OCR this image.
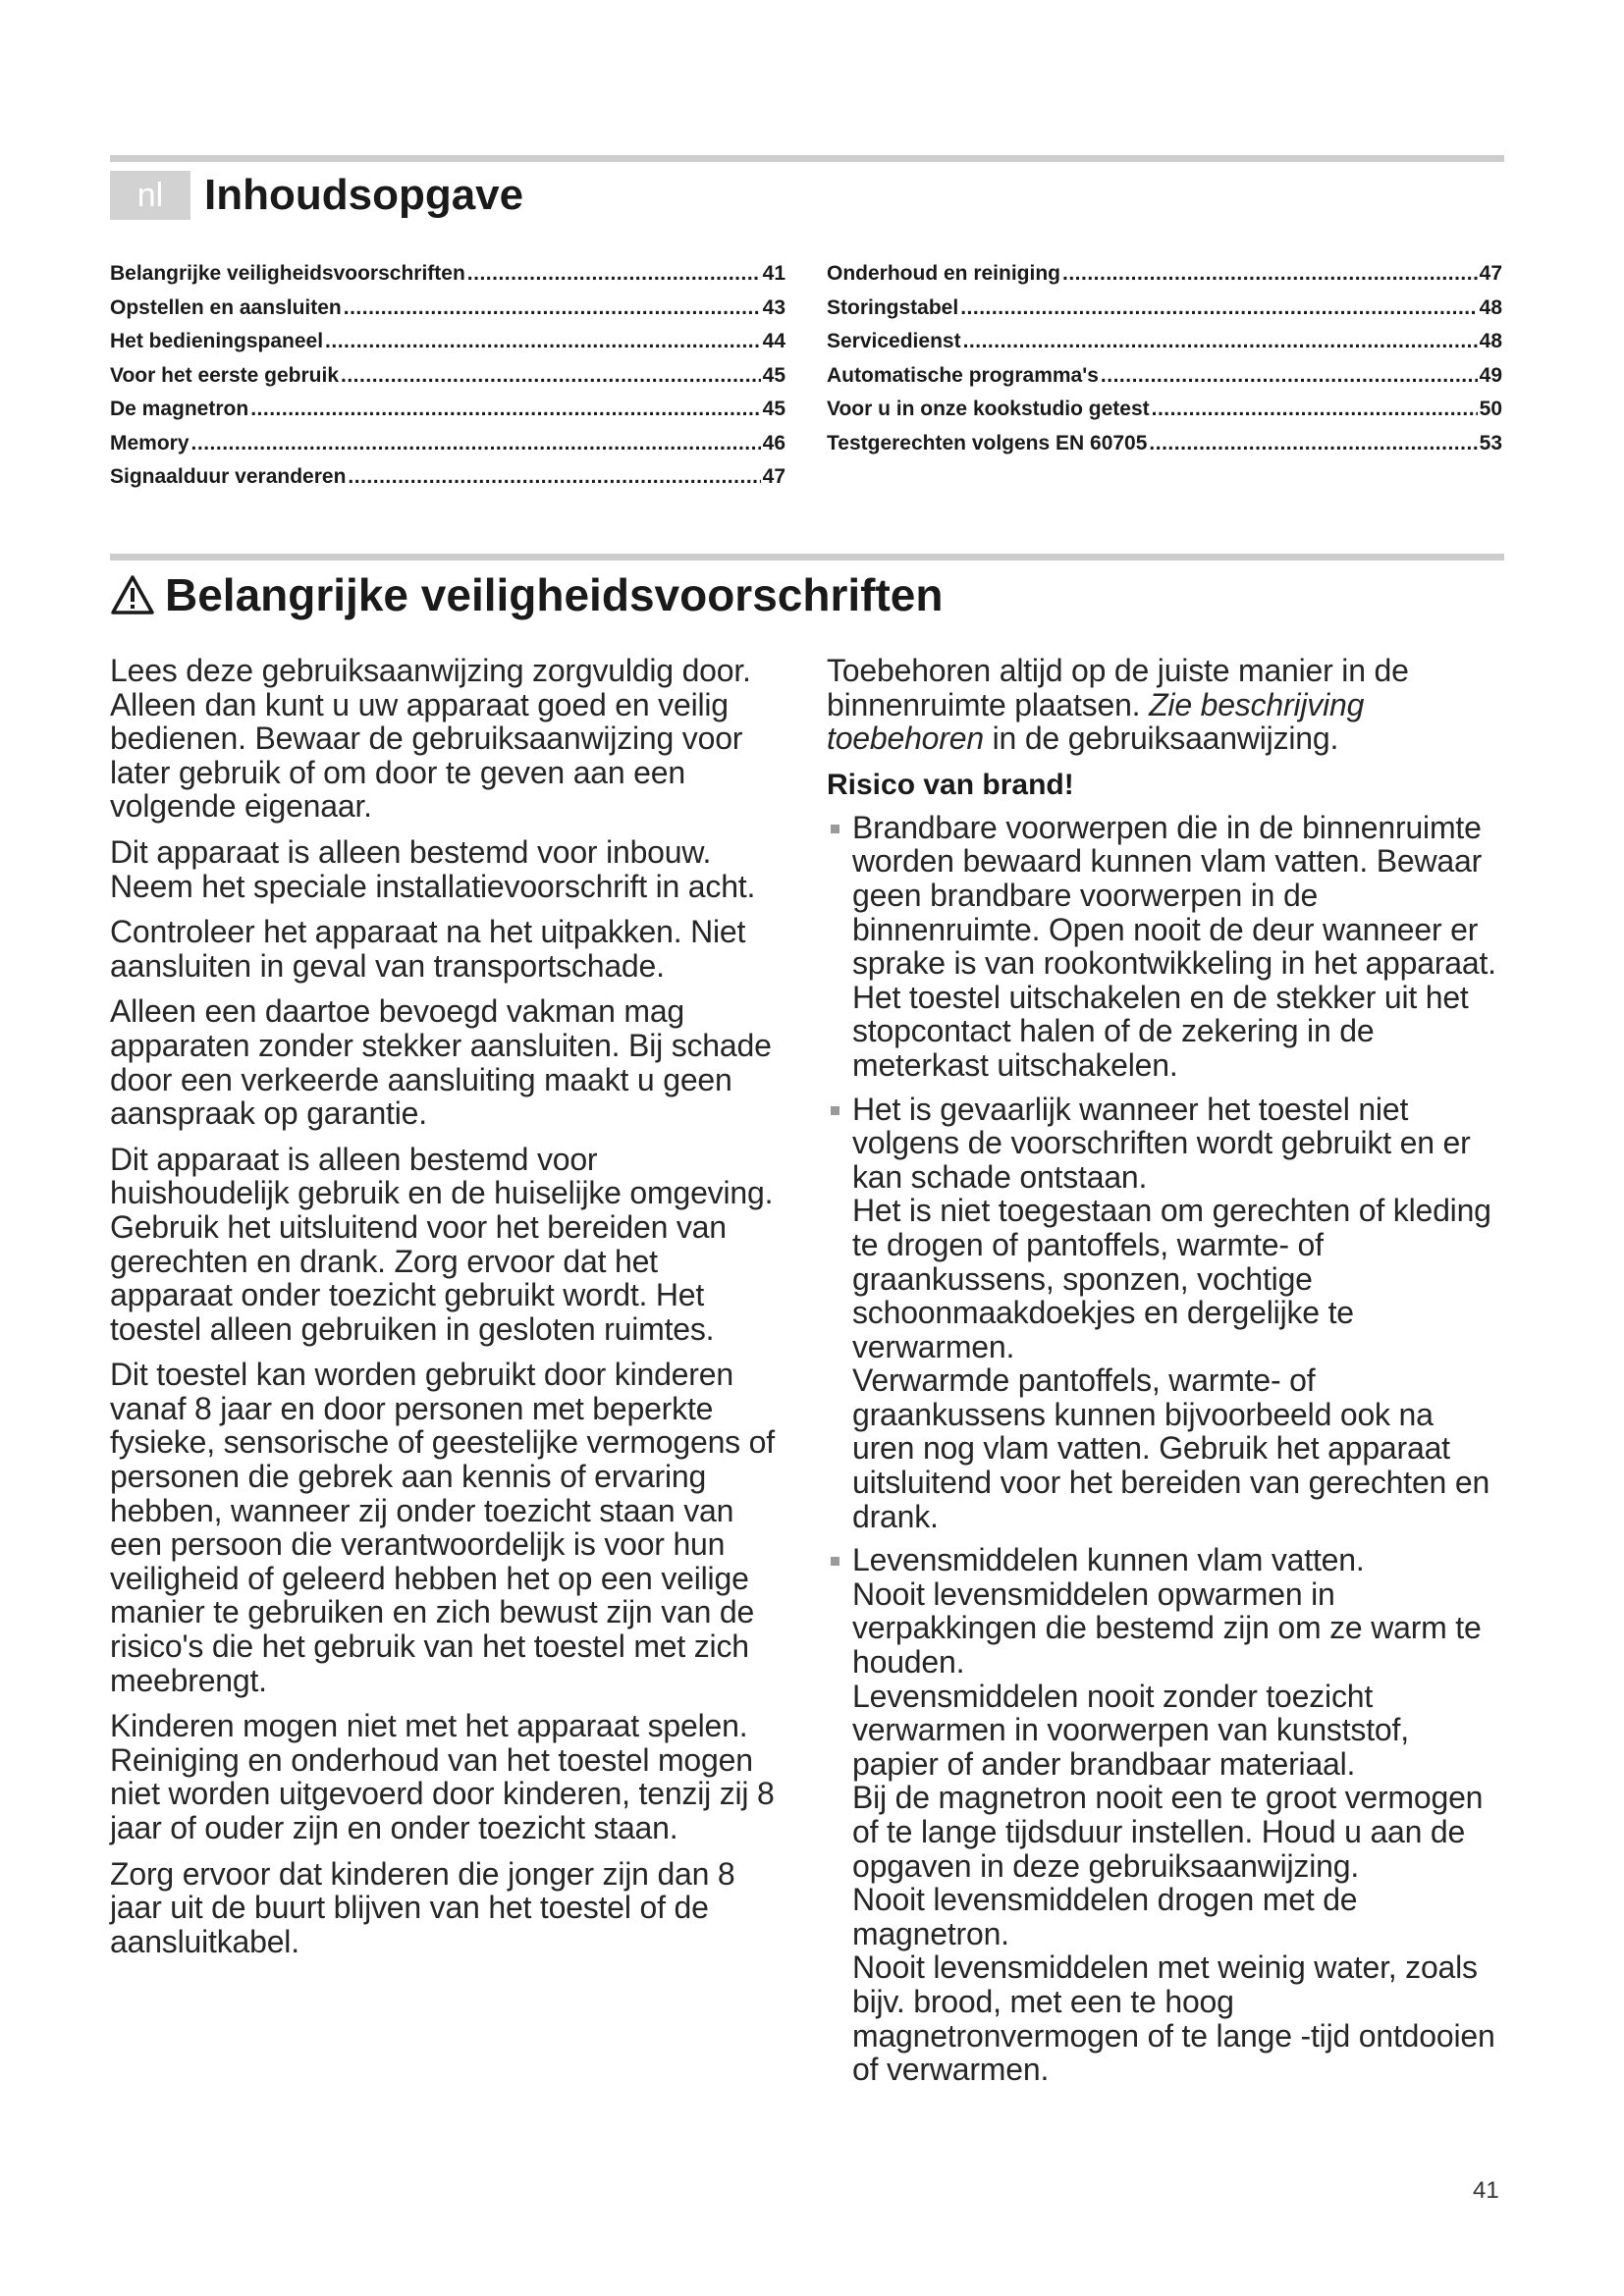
nl Inhoudsopgave
Belangrijke veiligheidsvoorschriften .....	41
Opstellen en aansluiten .....	43
Het bedieningspaneel .....	44
Voor het eerste gebruik .....	45
De magnetron .....	45
Memory .....	46
Signaalduur veranderen .....	47
Onderhoud en reiniging .....	47
Storingstabel .....	48
Servicedienst .....	48
Automatische programma's .....	49
Voor u in onze kookstudio getest .....	50
Testgerechten volgens EN 60705 .....	53
Belangrijke veiligheidsvoorschriften

Lees deze gebruiksaanwijzing zorgvuldig door. Alleen dan kunt u uw apparaat goed en veilig bedienen. Bewaar de gebruiksaanwijzing voor later gebruik of om door te geven aan een volgende eigenaar.

Dit apparaat is alleen bestemd voor inbouw. Neem het speciale installatievoorschrift in acht.

Controleer het apparaat na het uitpakken. Niet aansluiten in geval van transportschade.

Alleen een daartoe bevoegd vakman mag apparaten zonder stekker aansluiten. Bij schade door een verkeerde aansluiting maakt u geen aanspraak op garantie.

Dit apparaat is alleen bestemd voor huishoudelijk gebruik en de huiselijke omgeving. Gebruik het uitsluitend voor het bereiden van gerechten en drank. Zorg ervoor dat het apparaat onder toezicht gebruikt wordt. Het toestel alleen gebruiken in gesloten ruimtes.

Dit toestel kan worden gebruikt door kinderen vanaf 8 jaar en door personen met beperkte fysieke, sensorische of geestelijke vermogens of personen die gebrek aan kennis of ervaring hebben, wanneer zij onder toezicht staan van een persoon die verantwoordelijk is voor hun veiligheid of geleerd hebben het op een veilige manier te gebruiken en zich bewust zijn van de risico's die het gebruik van het toestel met zich meebrengt.

Kinderen mogen niet met het apparaat spelen. Reiniging en onderhoud van het toestel mogen niet worden uitgevoerd door kinderen, tenzij zij 8 jaar of ouder zijn en onder toezicht staan.

Zorg ervoor dat kinderen die jonger zijn dan 8 jaar uit de buurt blijven van het toestel of de aansluitkabel.

Toebehoren altijd op de juiste manier in de binnenruimte plaatsen. Zie beschrijving toebehoren in de gebruiksaanwijzing.

Risico van brand!

Brandbare voorwerpen die in de binnenruimte worden bewaard kunnen vlam vatten. Bewaar geen brandbare voorwerpen in de binnenruimte. Open nooit de deur wanneer er sprake is van rookontwikkeling in het apparaat. Het toestel uitschakelen en de stekker uit het stopcontact halen of de zekering in de meterkast uitschakelen.

Het is gevaarlijk wanneer het toestel niet volgens de voorschriften wordt gebruikt en er kan schade ontstaan.
Het is niet toegestaan om gerechten of kleding te drogen of pantoffels, warmte- of graankussens, sponzen, vochtige schoonmaakdoekjes en dergelijke te verwarmen.
Verwarmde pantoffels, warmte- of graankussens kunnen bijvoorbeeld ook na uren nog vlam vatten. Gebruik het apparaat uitsluitend voor het bereiden van gerechten en drank.

Levensmiddelen kunnen vlam vatten.
Nooit levensmiddelen opwarmen in verpakkingen die bestemd zijn om ze warm te houden.
Levensmiddelen nooit zonder toezicht verwarmen in voorwerpen van kunststof, papier of ander brandbaar materiaal.
Bij de magnetron nooit een te groot vermogen of te lange tijdsduur instellen. Houd u aan de opgaven in deze gebruiksaanwijzing.
Nooit levensmiddelen drogen met de magnetron.
Nooit levensmiddelen met weinig water, zoals bijv. brood, met een te hoog magnetronvermogen of te lange -tijd ontdooien of verwarmen.

41
